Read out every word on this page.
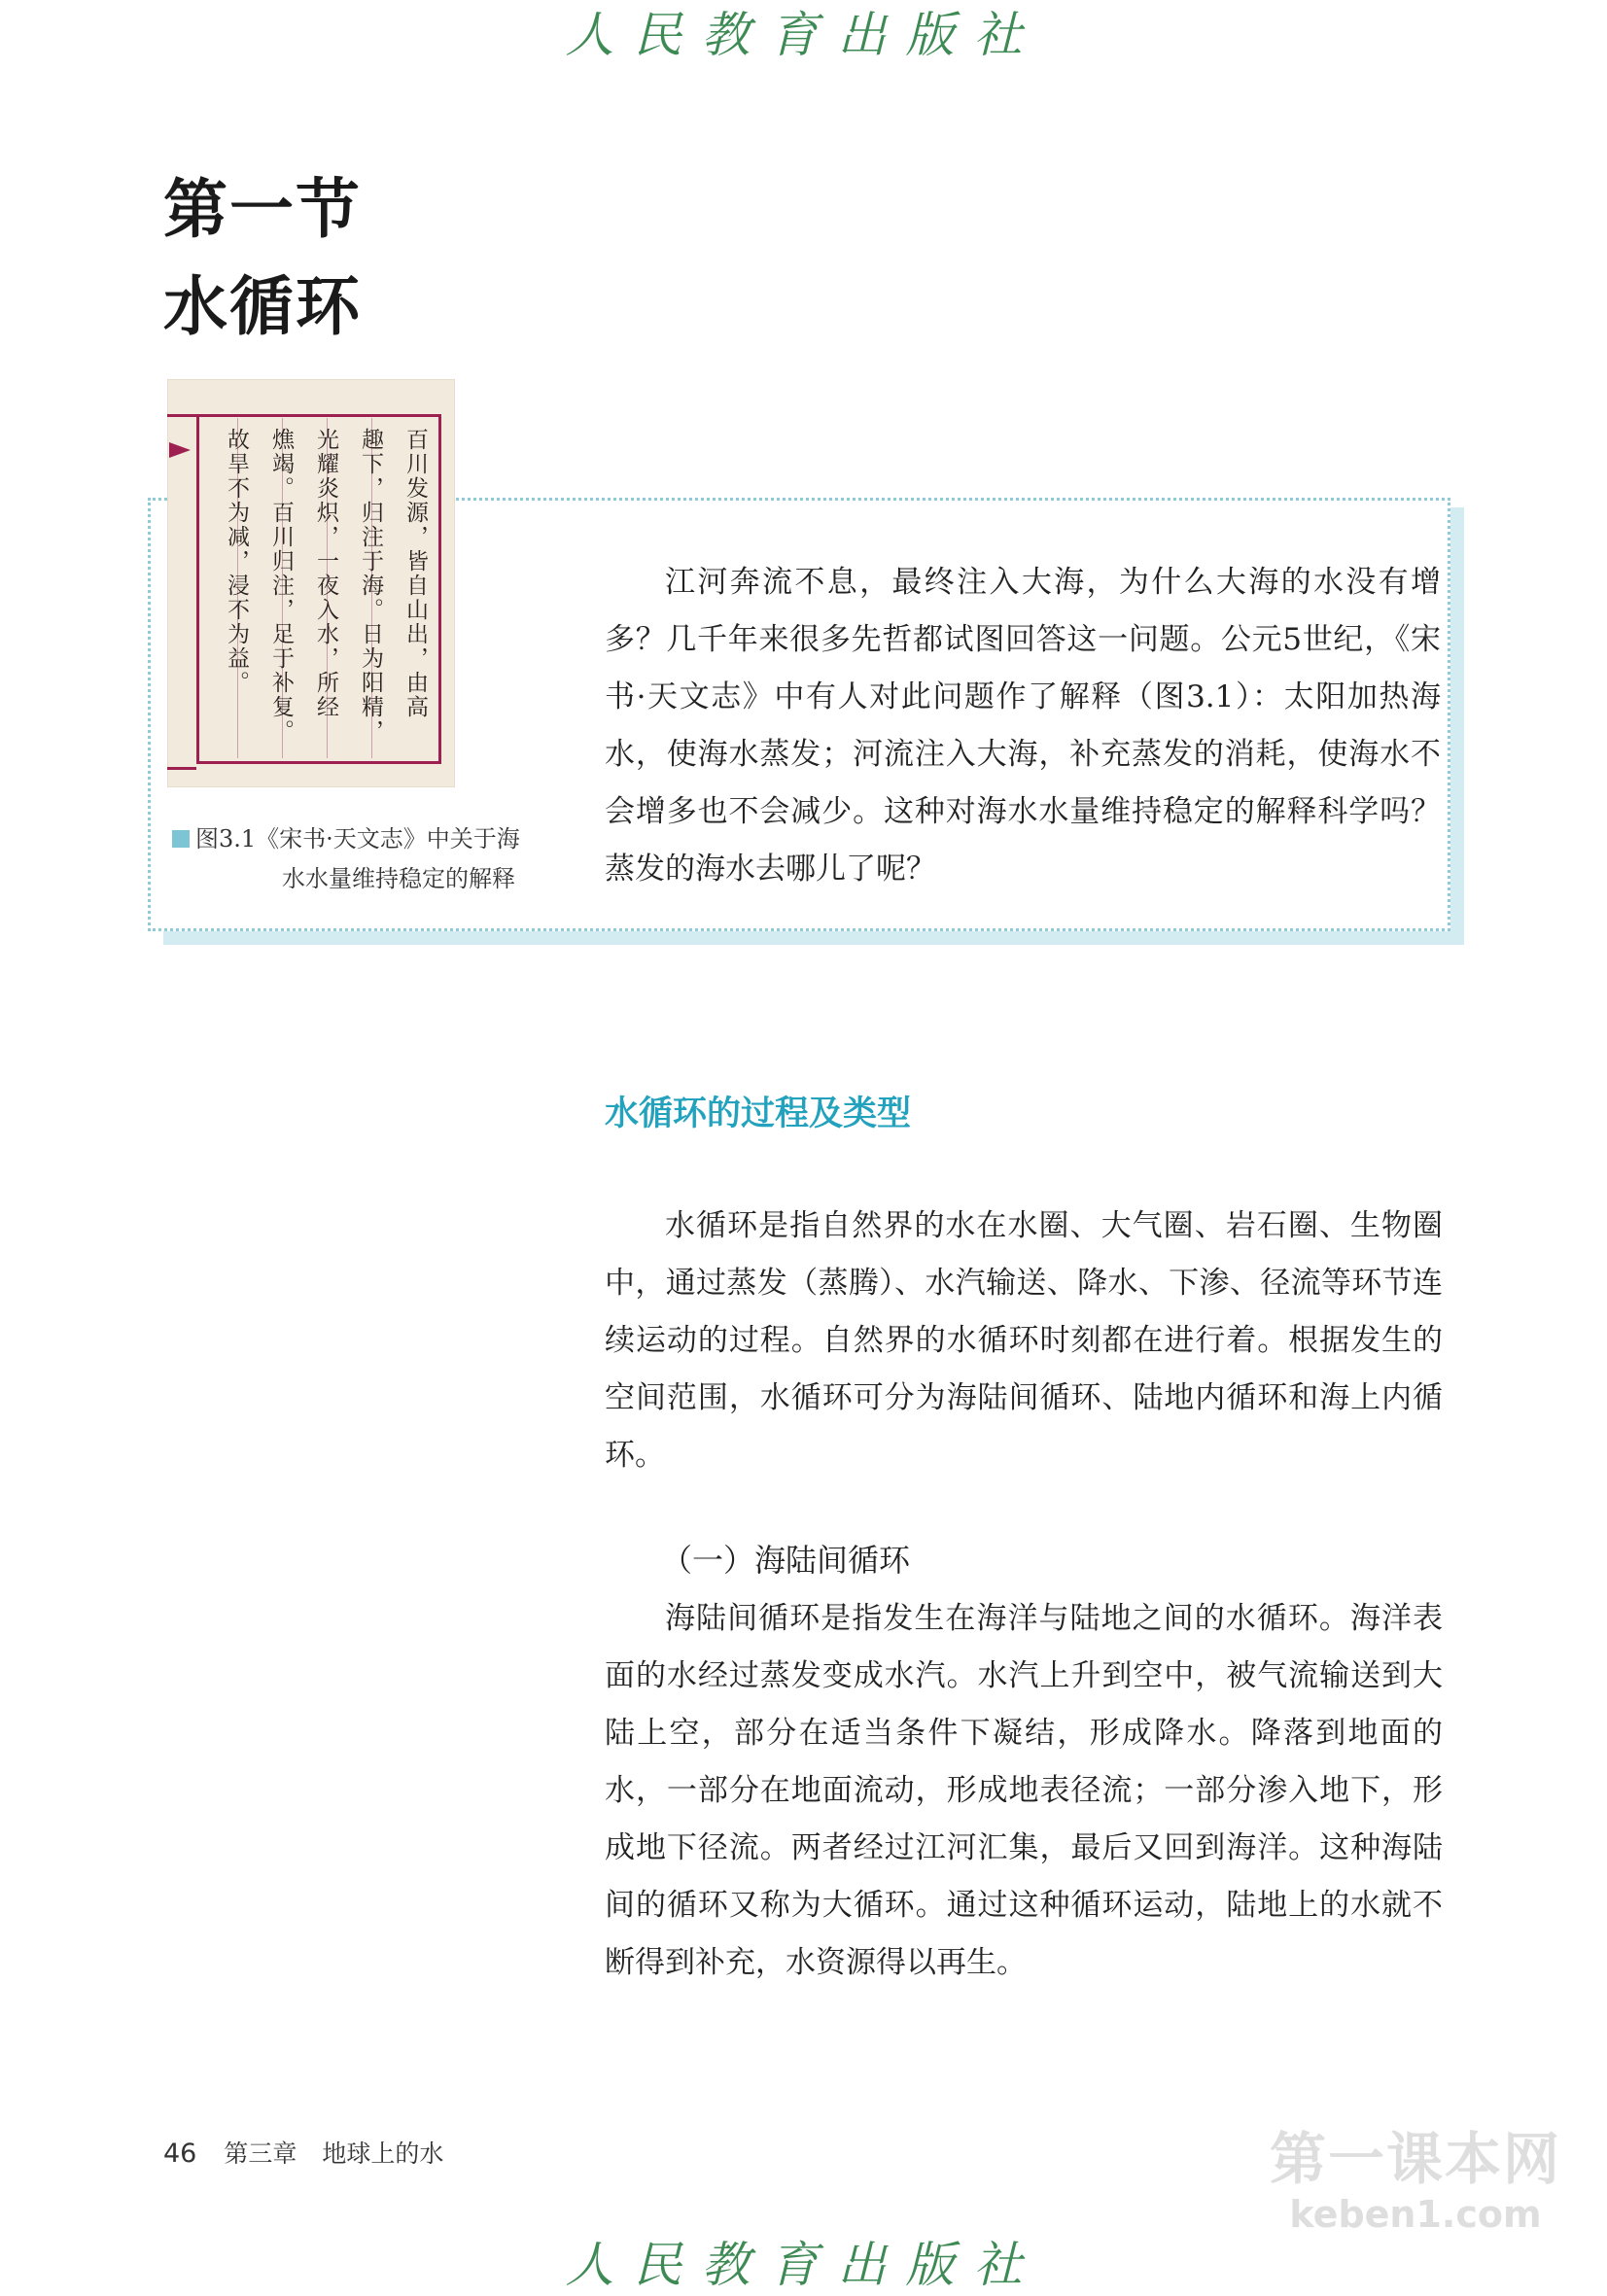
人民教育出版社
第一节
水循环
百川发源，皆自山出，由高
趣下，归注于海。日为阳精，
光耀炎炽，一夜入水，所经
燋竭。百川归注，足于补复。
故旱不为减，浸不为益。
图3.1《宋书·天文志》中关于海
水水量维持稳定的解释

江河奔流不息，最终注入大海，为什么大海的水没有增多？几千年来很多先哲都试图回答这一问题。公元5世纪，《宋书·天文志》中有人对此问题作了解释（图3.1）：太阳加热海水，使海水蒸发；河流注入大海，补充蒸发的消耗，使海水不会增多也不会减少。这种对海水水量维持稳定的解释科学吗？蒸发的海水去哪儿了呢？

水循环的过程及类型

水循环是指自然界的水在水圈、大气圈、岩石圈、生物圈中，通过蒸发（蒸腾）、水汽输送、降水、下渗、径流等环节连续运动的过程。自然界的水循环时刻都在进行着。根据发生的空间范围，水循环可分为海陆间循环、陆地内循环和海上内循环。

（一）海陆间循环

海陆间循环是指发生在海洋与陆地之间的水循环。海洋表面的水经过蒸发变成水汽。水汽上升到空中，被气流输送到大陆上空，部分在适当条件下凝结，形成降水。降落到地面的水，一部分在地面流动，形成地表径流；一部分渗入地下，形成地下径流。两者经过江河汇集，最后又回到海洋。这种海陆间的循环又称为大循环。通过这种循环运动，陆地上的水就不断得到补充，水资源得以再生。

46 第三章 地球上的水	第一课本网
keben1.com
人民教育出版社
